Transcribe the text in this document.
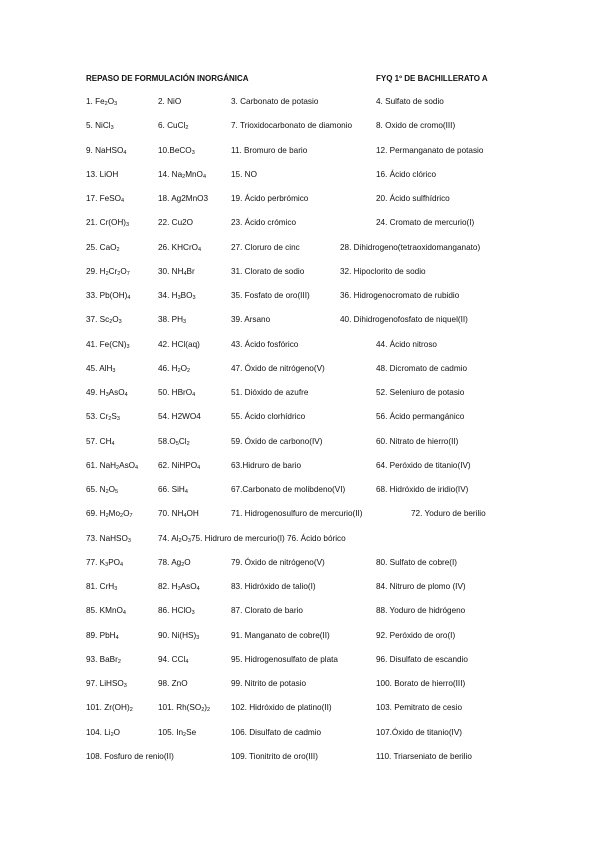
REPASO DE FORMULACIÓN INORGÁNICA	FYQ 1º DE BACHILLERATO A
1. $Fe_2O_3$	2. NiO	3. Carbonato de potasio	4. Sulfato de sodio
5. NiCl$_3$	6. CuCl$_2$	7. Trioxidocarbonato de diamonio	8. Oxido de cromo(III)
9. NaHSO$_4$	10.BeCO$_3$	11. Bromuro de bario	12. Permanganato de potasio
13. LiOH	14. $Na_2MnO_4$	15. NO	16. Ácido clórico
17. FeSO$_4$	18. Ag2MnO3	19. Ácido perbrómico	20. Ácido sulfhídrico
21. $Cr(OH)_3$	22. Cu2O	23. Ácido crómico	24. Cromato de mercurio(I)
25. CaO$_2$	26. KHCrO$_4$	27. Cloruro de cinc	28. Dihidrogeno(tetraoxidomanganato)
29. $H_2Cr_2O_7$	30. $NH_4Br$	31. Clorato de sodio	32. Hipoclorito de sodio
33. $Pb(OH)_4$	34. $H_3BO_3$	35. Fosfato de oro(III)	36. Hidrogenocromato de rubidio
37. $Sc_2O_3$	38. $PH_3$	39. Arsano	40. Dihidrogenofosfato de niquel(II)
41. $Fe(CN)_3$	42. HCl(aq)	43. Ácido fosfórico	44. Ácido nitroso
45. AlH$_3$	46. $H_2O_2$	47. Óxido de nitrógeno(V)	48. Dicromato de cadmio
49. $H_3AsO_4$	50. HBrO$_4$	51. Dióxido de azufre	52. Seleniuro de potasio
53. $Cr_2S_3$	54. H2WO4	55. Ácido clorhídrico	56. Ácido permangánico
57. $CH_4$	$58.O_5Cl_2$	59. Óxido de carbono(IV)	60. Nitrato de hierro(II)
61. NaH$_2$AsO$_4$ 62. NiHPO$_4$	63.Hidruro de bario	64. Peróxido de titanio(IV)
65. $N_2O_5$	66. SiH$_4$	67.Carbonato de molibdeno(VI)	68. Hidróxido de iridio(IV)
69. $H_2Mo_2O_7$	70. $NH_4OH$	71. Hidrogenosulfuro de mercurio(II)	72. Yoduro de berilio
73. NaHSO$_3$	74. $Al_2O_375$. Hidruro de mercurio(I) 76. Ácido bórico
77. $K_3PO_4$	78. $Ag_2O$	79. Óxido de nitrógeno(V)	80. Sulfato de cobre(I)
81. CrH$_3$	82. $H_3AsO_4$	83. Hidróxido de talio(I)	84. Nitruro de plomo (IV)
85. KMnO$_4$	86. HClO$_3$	87. Clorato de bario	88. Yoduro de hidrógeno
89. PbH$_4$	90. $Ni(HS)_3$	91. Manganato de cobre(II)	92. Peróxido de oro(I)
93. BaBr$_2$	94. CCl$_4$	95. Hidrogenosulfato de plata	96. Disulfato de escandio
97. LiHSO$_3$	98. ZnO	99. Nitrito de potasio	100. Borato de hierro(III)
101. $Zr(OH)_2$	101. $Rh(SO_2)_2$	102. Hidróxido de platino(II)	103. Pemitrato de cesio
104. $Li_2O$	105. $In_2Se$	106. Disulfato de cadmio	107.Óxido de titanio(IV)
108. Fosfuro de renio(II)	109. Tionitrito de oro(III)	110. Triarseniato de berilio
